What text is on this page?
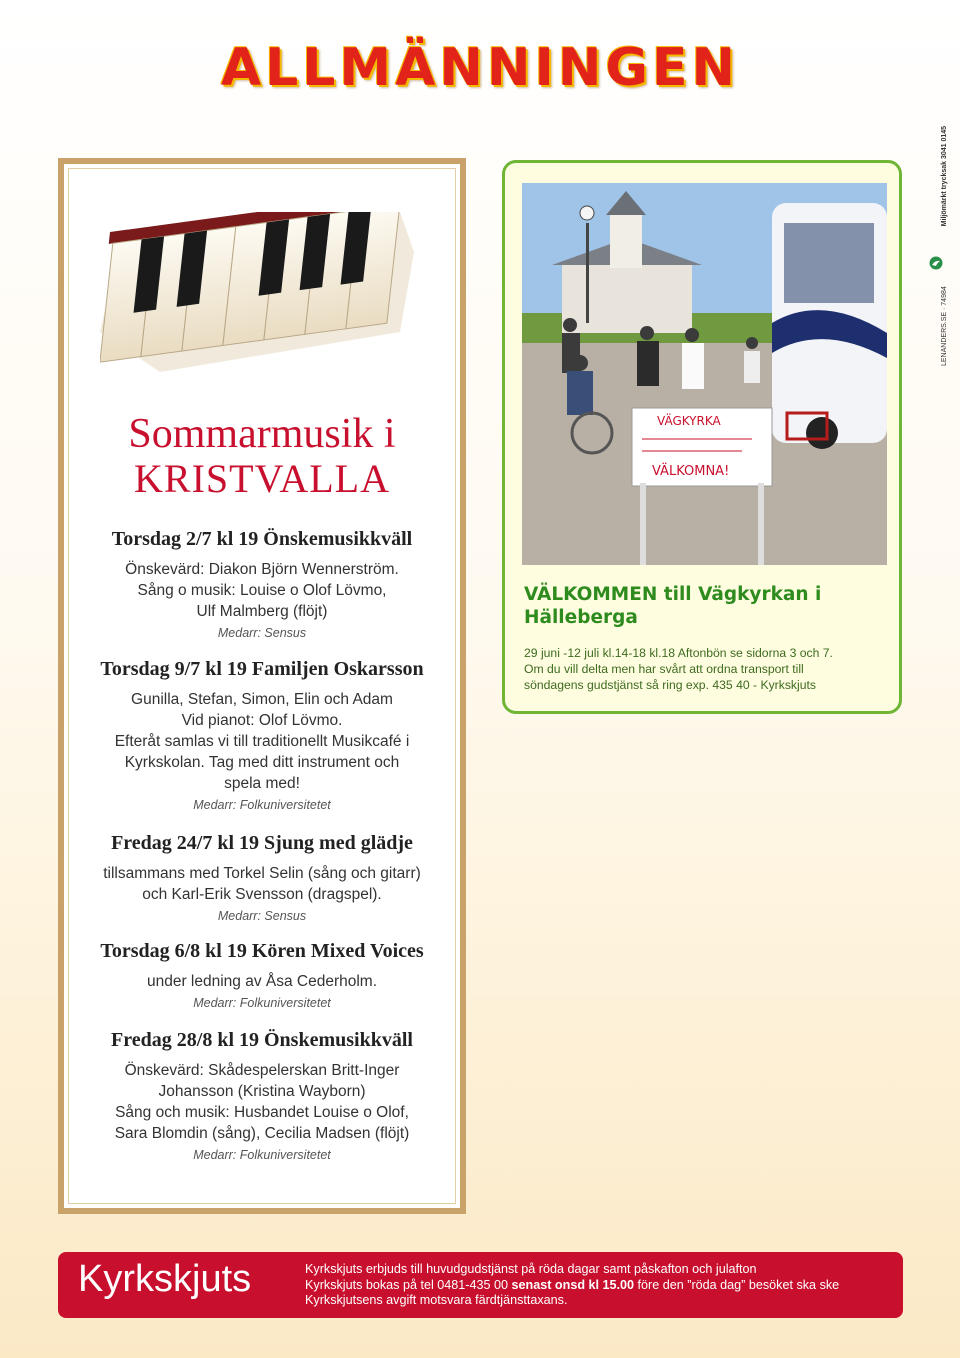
ALLMÄNNINGEN
Sommarmusik i
KRISTVALLA
Torsdag 2/7 kl 19 Önskemusikkväll
Önskevärd: Diakon Björn Wennerström.
Sång o musik: Louise o Olof Lövmo,
Ulf Malmberg (flöjt)
Medarr: Sensus
Torsdag 9/7 kl 19 Familjen Oskarsson
Gunilla, Stefan, Simon, Elin och Adam
Vid pianot: Olof Lövmo.
Efteråt samlas vi till traditionellt Musikcafé i
Kyrkskolan. Tag med ditt instrument och
spela med!
Medarr: Folkuniversitetet
Fredag 24/7 kl 19 Sjung med glädje
tillsammans med Torkel Selin (sång och gitarr)
och Karl-Erik Svensson (dragspel).
Medarr: Sensus
Torsdag 6/8 kl 19 Kören Mixed Voices
under ledning av Åsa Cederholm.
Medarr: Folkuniversitetet
Fredag 28/8 kl 19 Önskemusikkväll
Önskevärd: Skådespelerskan Britt-Inger
Johansson (Kristina Wayborn)
Sång och musik: Husbandet Louise o Olof,
Sara Blomdin (sång), Cecilia Madsen (flöjt)
Medarr: Folkuniversitetet
VÄGKYRKA
VÄLKOMNA!
VÄLKOMMEN till Vägkyrkan i Hälleberga
29 juni -12 juli kl.14-18 kl.18 Aftonbön se sidorna 3 och 7.
Om du vill delta men har svårt att ordna transport till
söndagens gudstjänst så ring exp. 435 40 - Kyrkskjuts
LENANDERS.SE · 74984  Miljömärkt trycksak 3041 0145
Kyrkskjuts	Kyrkskjuts erbjuds till huvudgudstjänst på röda dagar samt påskafton och julafton
Kyrkskjuts bokas på tel 0481-435 00 senast onsd kl 15.00 före den ”röda dag” besöket ska ske
Kyrkskjutsens avgift motsvara färdtjänsttaxans.
